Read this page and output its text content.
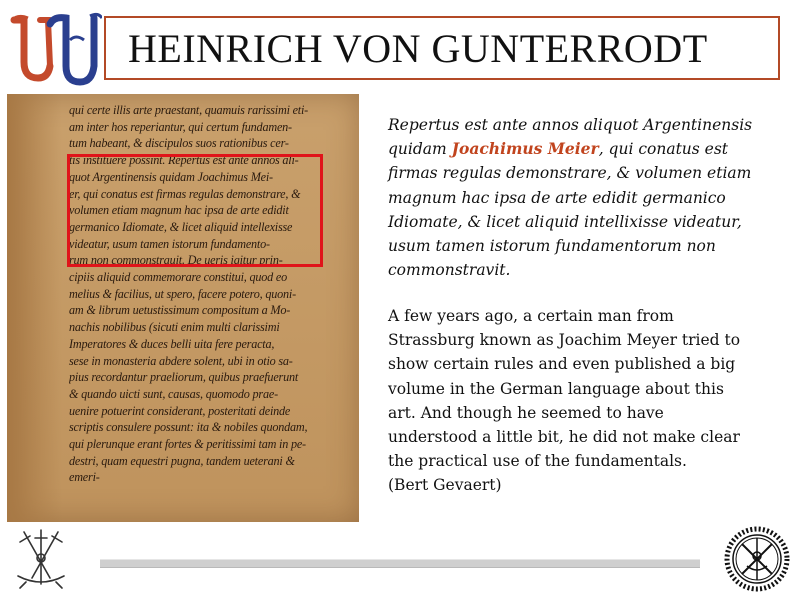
HEINRICH VON GUNTERRODT
qui certe illis arte praestant, quamuis rarissimi eti-
am inter hos reperiantur, qui certum fundamen-
tum habeant, & discipulos suos rationibus cer-
tis instituere possint. Repertus est ante annos ali-
quot Argentinensis quidam Joachimus Mei-
er, qui conatus est firmas regulas demonstrare, &
volumen etiam magnum hac ipsa de arte edidit
germanico Idiomate, & licet aliquid intellexisse
videatur, usum tamen istorum fundamento-
rum non commonstrauit. De ueris igitur prin-
cipiis aliquid commemorare constitui, quod eo
melius & facilius, ut spero, facere potero, quoni-
am & librum uetustissimum compositum a Mo-
nachis nobilibus (sicuti enim multi clarissimi
Imperatores & duces belli uita fere peracta,
sese in monasteria abdere solent, ubi in otio sa-
pius recordantur praeliorum, quibus praefuerunt
& quando uicti sunt, causas, quomodo prae-
uenire potuerint considerant, posteritati deinde
scriptis consulere possunt: ita & nobiles quondam,
qui plerunque erant fortes & peritissimi tam in pe-
destri, quam equestri pugna, tandem ueterani &
emeri-
Repertus est ante annos aliquot Argentinensis
quidam Joachimus Meier, qui conatus est
firmas regulas demonstrare, & volumen etiam
magnum hac ipsa de arte edidit germanico
Idiomate, & licet aliquid intellixisse videatur,
usum tamen istorum fundamentorum non
commonstravit.
A few years ago, a certain man from
Strassburg known as Joachim Meyer tried to
show certain rules and even published a big
volume in the German language about this
art. And though he seemed to have
understood a little bit, he did not make clear
the practical use of the fundamentals.
(Bert Gevaert)
